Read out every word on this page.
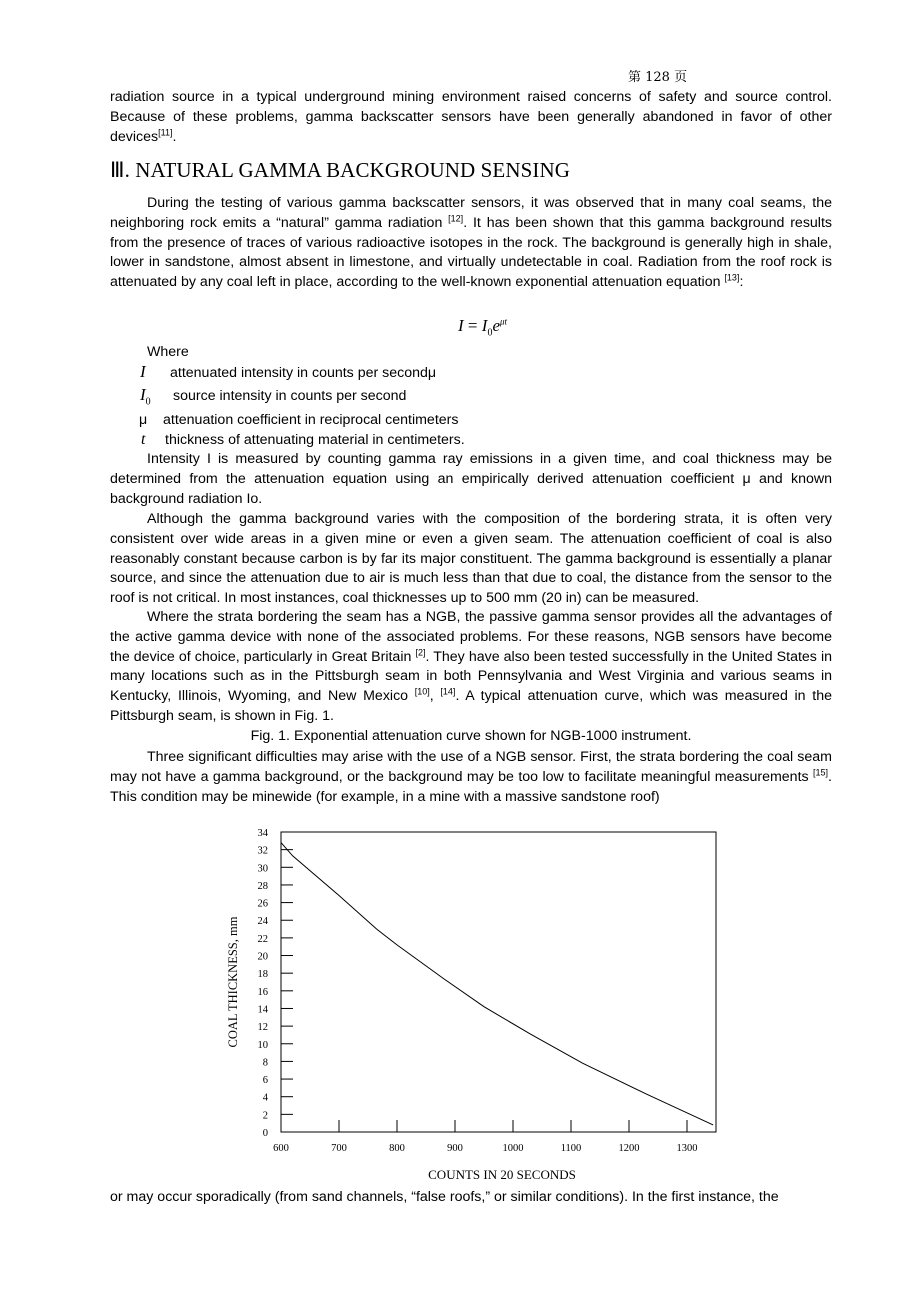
第 128 页
radiation source in a typical underground mining environment raised concerns of safety and source control. Because of these problems, gamma backscatter sensors have been generally abandoned in favor of other devices[11].
Ⅲ. NATURAL GAMMA BACKGROUND SENSING
During the testing of various gamma backscatter sensors, it was observed that in many coal seams, the neighboring rock emits a “natural” gamma radiation [12]. It has been shown that this gamma background results from the presence of traces of various radioactive isotopes in the rock. The background is generally high in shale, lower in sandstone, almost absent in limestone, and virtually undetectable in coal. Radiation from the roof rock is attenuated by any coal left in place, according to the well-known exponential attenuation equation [13]:
$I = I_0e^{\mu t}$
Where
I attenuated intensity in counts per secondμ
$I_0$ source intensity in counts per second
μ attenuation coefficient in reciprocal centimeters
t thickness of attenuating material in centimeters.
Intensity I is measured by counting gamma ray emissions in a given time, and coal thickness may be determined from the attenuation equation using an empirically derived attenuation coefficient μ and known background radiation Io.
Although the gamma background varies with the composition of the bordering strata, it is often very consistent over wide areas in a given mine or even a given seam. The attenuation coefficient of coal is also reasonably constant because carbon is by far its major constituent. The gamma background is essentially a planar source, and since the attenuation due to air is much less than that due to coal, the distance from the sensor to the roof is not critical. In most instances, coal thicknesses up to 500 mm (20 in) can be measured.
Where the strata bordering the seam has a NGB, the passive gamma sensor provides all the advantages of the active gamma device with none of the associated problems. For these reasons, NGB sensors have become the device of choice, particularly in Great Britain [2]. They have also been tested successfully in the United States in many locations such as in the Pittsburgh seam in both Pennsylvania and West Virginia and various seams in Kentucky, Illinois, Wyoming, and New Mexico [10], [14]. A typical attenuation curve, which was measured in the Pittsburgh seam, is shown in Fig. 1.
Fig. 1. Exponential attenuation curve shown for NGB-1000 instrument.
Three significant difficulties may arise with the use of a NGB sensor. First, the strata bordering the coal seam may not have a gamma background, or the background may be too low to facilitate meaningful measurements [15]. This condition may be minewide (for example, in a mine with a massive sandstone roof)
0
2
4
6
8
10
12
14
16
18
20
22
24
26
28
30
32
34
600	700	800	900	1000	1100	1200	1300
COAL THICKNESS, mm
COUNTS IN 20 SECONDS
or may occur sporadically (from sand channels, “false roofs,” or similar conditions). In the first instance, the
